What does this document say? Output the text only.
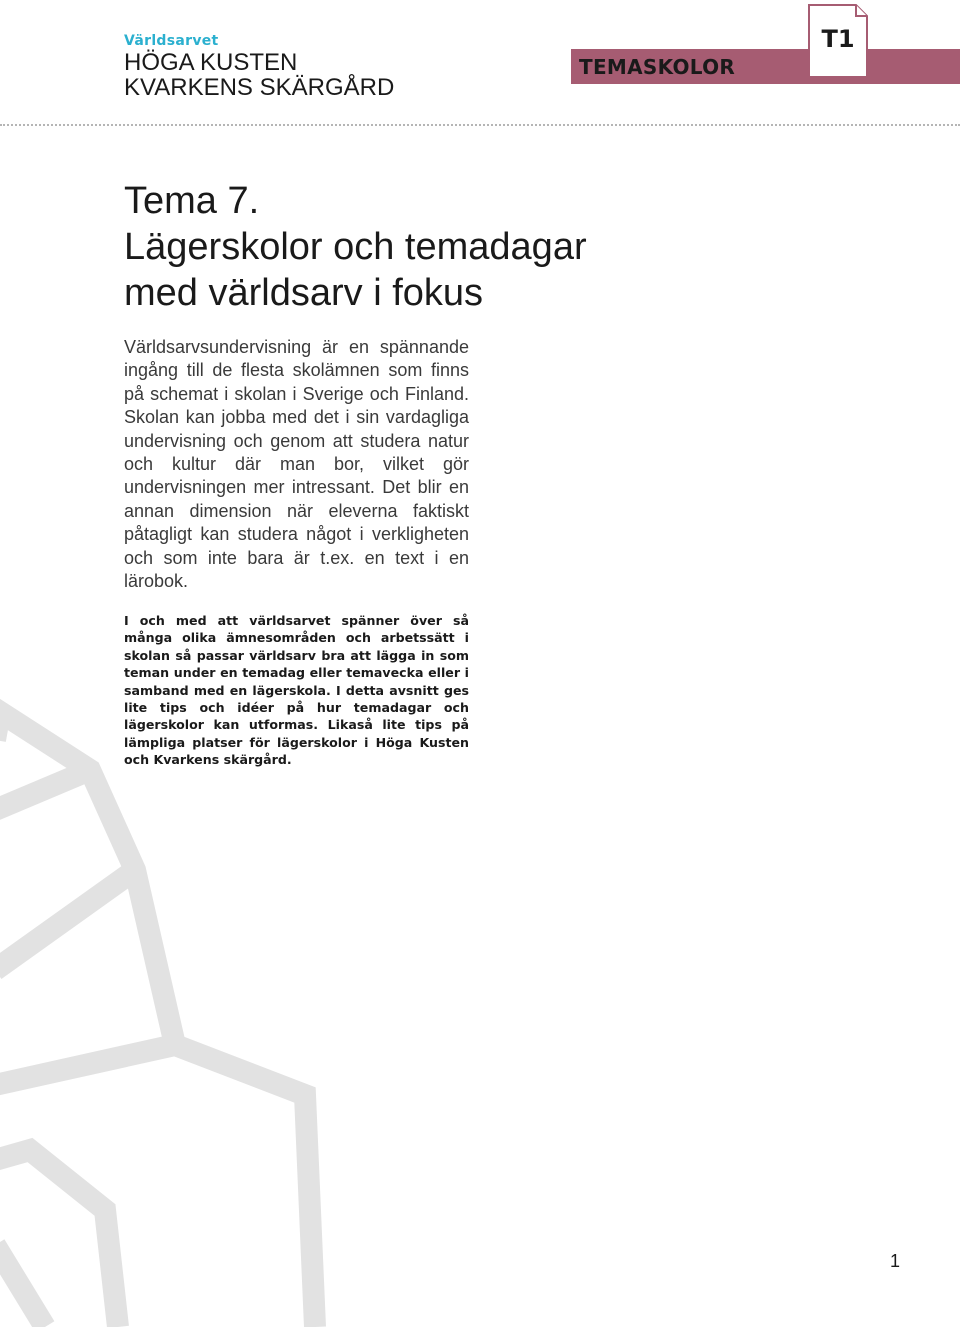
Världsarvet
HÖGA KUSTEN
KVARKENS SKÄRGÅRD
TEMASKOLOR
T1
Tema 7.
Lägerskolor och temadagar
med världsarv i fokus

Världsarvsundervisning är en spännande ingång till de flesta skolämnen som finns på schemat i skolan i Sverige och Finland. Skolan kan jobba med det i sin vardagliga undervisning och genom att studera natur och kultur där man bor, vilket gör undervisningen mer intressant. Det blir en annan dimension när eleverna faktiskt påtagligt kan studera något i verkligheten och som inte bara är t.ex. en text i en lärobok.

I och med att världsarvet spänner över så många olika ämnesområden och arbetssätt i skolan så passar världsarv bra att lägga in som teman under en temadag eller temavecka eller i samband med en lägerskola. I detta avsnitt ges lite tips och idéer på hur temadagar och lägerskolor kan utformas. Likaså lite tips på lämpliga platser för lägerskolor i Höga Kusten och Kvarkens skärgård.

1
